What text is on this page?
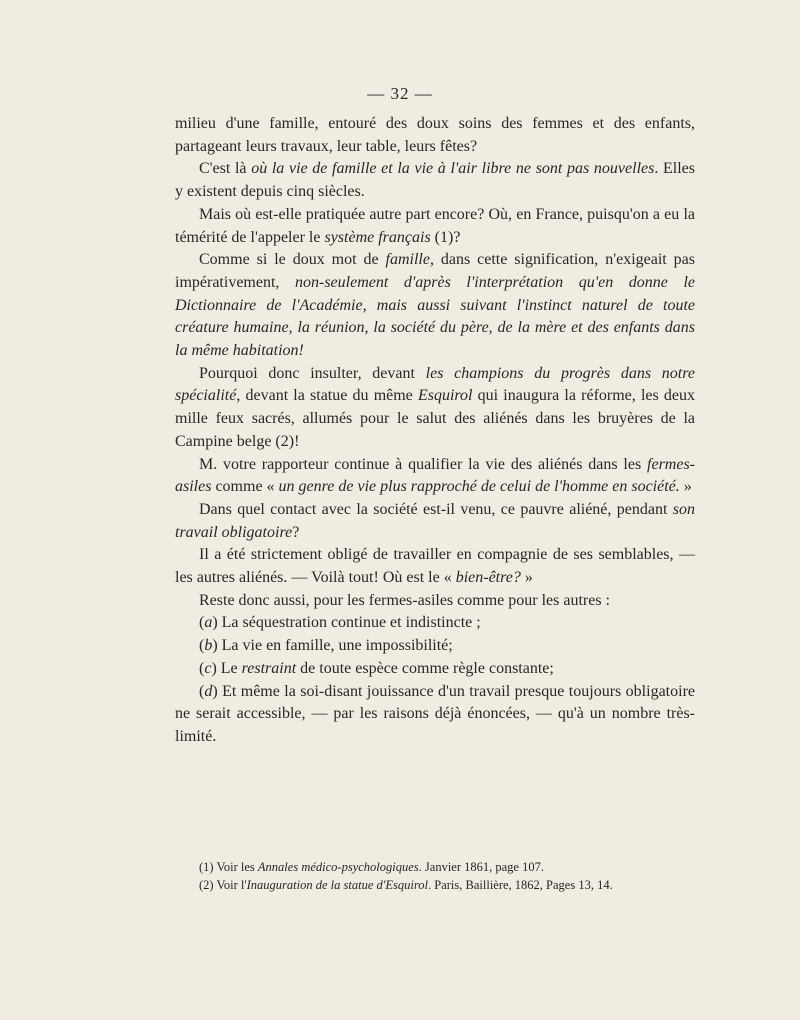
— 32 —

milieu d'une famille, entouré des doux soins des femmes et des enfants, partageant leurs travaux, leur table, leurs fêtes?

C'est là où la vie de famille et la vie à l'air libre ne sont pas nouvelles. Elles y existent depuis cinq siècles.

Mais où est-elle pratiquée autre part encore? Où, en France, puisqu'on a eu la témérité de l'appeler le système français (1)?

Comme si le doux mot de famille, dans cette signification, n'exigeait pas impérativement, non-seulement d'après l'interprétation qu'en donne le Dictionnaire de l'Académie, mais aussi suivant l'instinct naturel de toute créature humaine, la réunion, la société du père, de la mère et des enfants dans la même habitation!

Pourquoi donc insulter, devant les champions du progrès dans notre spécialité, devant la statue du même Esquirol qui inaugura la réforme, les deux mille feux sacrés, allumés pour le salut des aliénés dans les bruyères de la Campine belge (2)!

M. votre rapporteur continue à qualifier la vie des aliénés dans les fermes-asiles comme « un genre de vie plus rapproché de celui de l'homme en société. »

Dans quel contact avec la société est-il venu, ce pauvre aliéné, pendant son travail obligatoire?

Il a été strictement obligé de travailler en compagnie de ses semblables, — les autres aliénés. — Voilà tout! Où est le « bien-être? »

Reste donc aussi, pour les fermes-asiles comme pour les autres :

(a) La séquestration continue et indistincte ;

(b) La vie en famille, une impossibilité;

(c) Le restraint de toute espèce comme règle constante;

(d) Et même la soi-disant jouissance d'un travail presque toujours obligatoire ne serait accessible, — par les raisons déjà énoncées, — qu'à un nombre très-limité.

(1) Voir les Annales médico-psychologiques. Janvier 1861, page 107.

(2) Voir l'Inauguration de la statue d'Esquirol. Paris, Baillière, 1862, Pages 13, 14.
